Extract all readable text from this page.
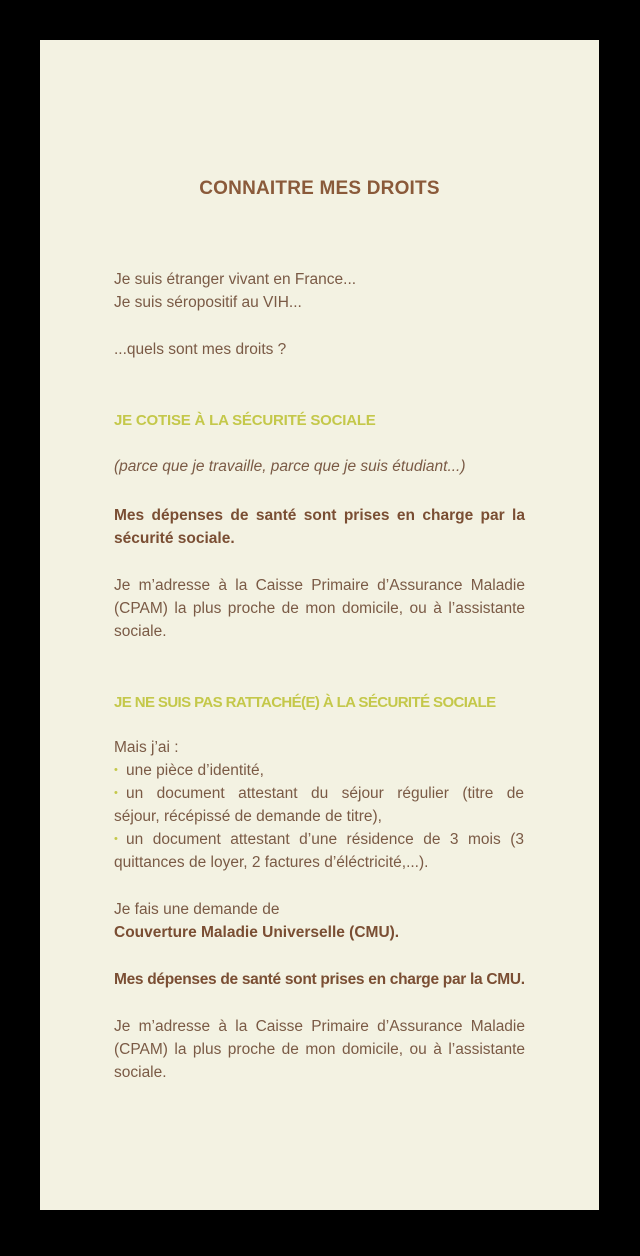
CONNAITRE MES DROITS
Je suis étranger vivant en France...
Je suis séropositif au VIH...
...quels sont mes droits ?
JE COTISE À LA SÉCURITÉ SOCIALE
(parce que je travaille, parce que je suis étudiant...)
Mes dépenses de santé sont prises en charge par la
sécurité sociale.
Je m’adresse à la Caisse Primaire d’Assurance Maladie
(CPAM) la plus proche de mon domicile, ou à l’assistante
sociale.
JE NE SUIS PAS RATTACHÉ(E) À LA SÉCURITÉ SOCIALE
Mais j’ai :
• une pièce d’identité,
• un document attestant du séjour régulier (titre de
séjour, récépissé de demande de titre),
• un document attestant d’une résidence de 3 mois (3
quittances de loyer, 2 factures d’éléctricité,...).
Je fais une demande de
Couverture Maladie Universelle (CMU).
Mes dépenses de santé sont prises en charge par la CMU.
Je m’adresse à la Caisse Primaire d’Assurance Maladie
(CPAM) la plus proche de mon domicile, ou à l’assistante
sociale.
